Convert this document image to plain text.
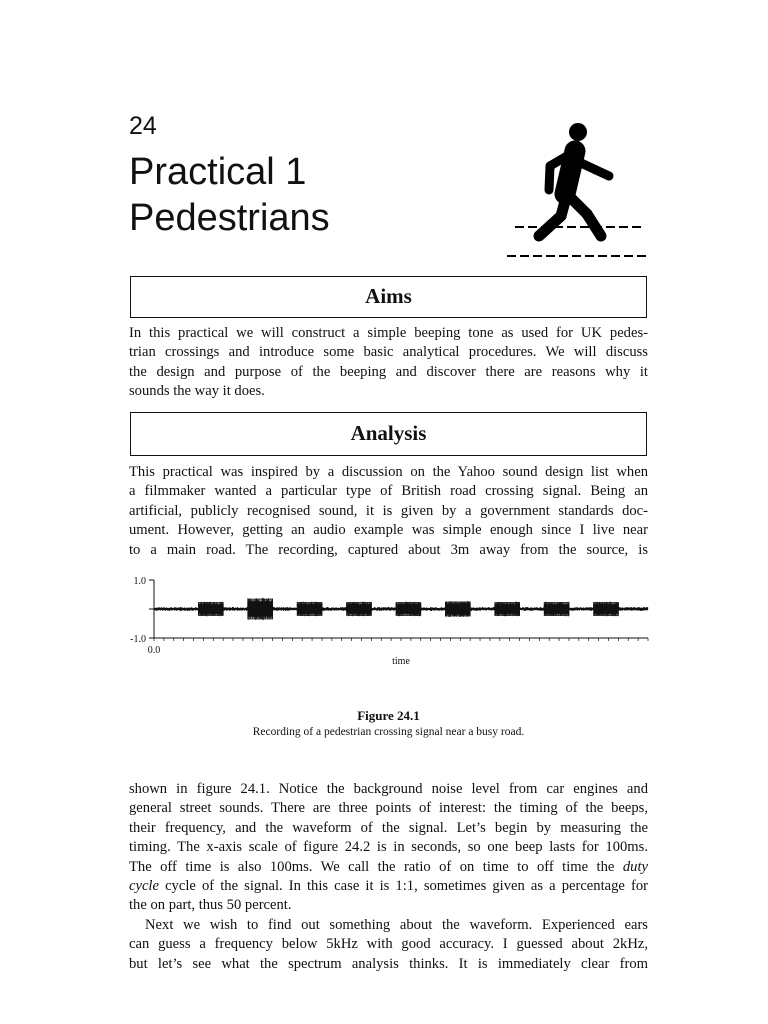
24
Practical 1
Pedestrians
Aims
In this practical we will construct a simple beeping tone as used for UK pedes-
trian crossings and introduce some basic analytical procedures. We will discuss
the design and purpose of the beeping and discover there are reasons why it
sounds the way it does.
Analysis
This practical was inspired by a discussion on the Yahoo sound design list when
a filmmaker wanted a particular type of British road crossing signal. Being an
artificial, publicly recognised sound, it is given by a government standards doc-
ument. However, getting an audio example was simple enough since I live near
to a main road. The recording, captured about 3m away from the source, is
1.0
-1.0
0.0
time
Figure 24.1
Recording of a pedestrian crossing signal near a busy road.
shown in figure 24.1. Notice the background noise level from car engines and
general street sounds. There are three points of interest: the timing of the beeps,
their frequency, and the waveform of the signal. Let’s begin by measuring the
timing. The x-axis scale of figure 24.2 is in seconds, so one beep lasts for 100ms.
The off time is also 100ms. We call the ratio of on time to off time the duty
cycle cycle of the signal. In this case it is 1:1, sometimes given as a percentage for
the on part, thus 50 percent.
Next we wish to find out something about the waveform. Experienced ears
can guess a frequency below 5kHz with good accuracy. I guessed about 2kHz,
but let’s see what the spectrum analysis thinks. It is immediately clear from
